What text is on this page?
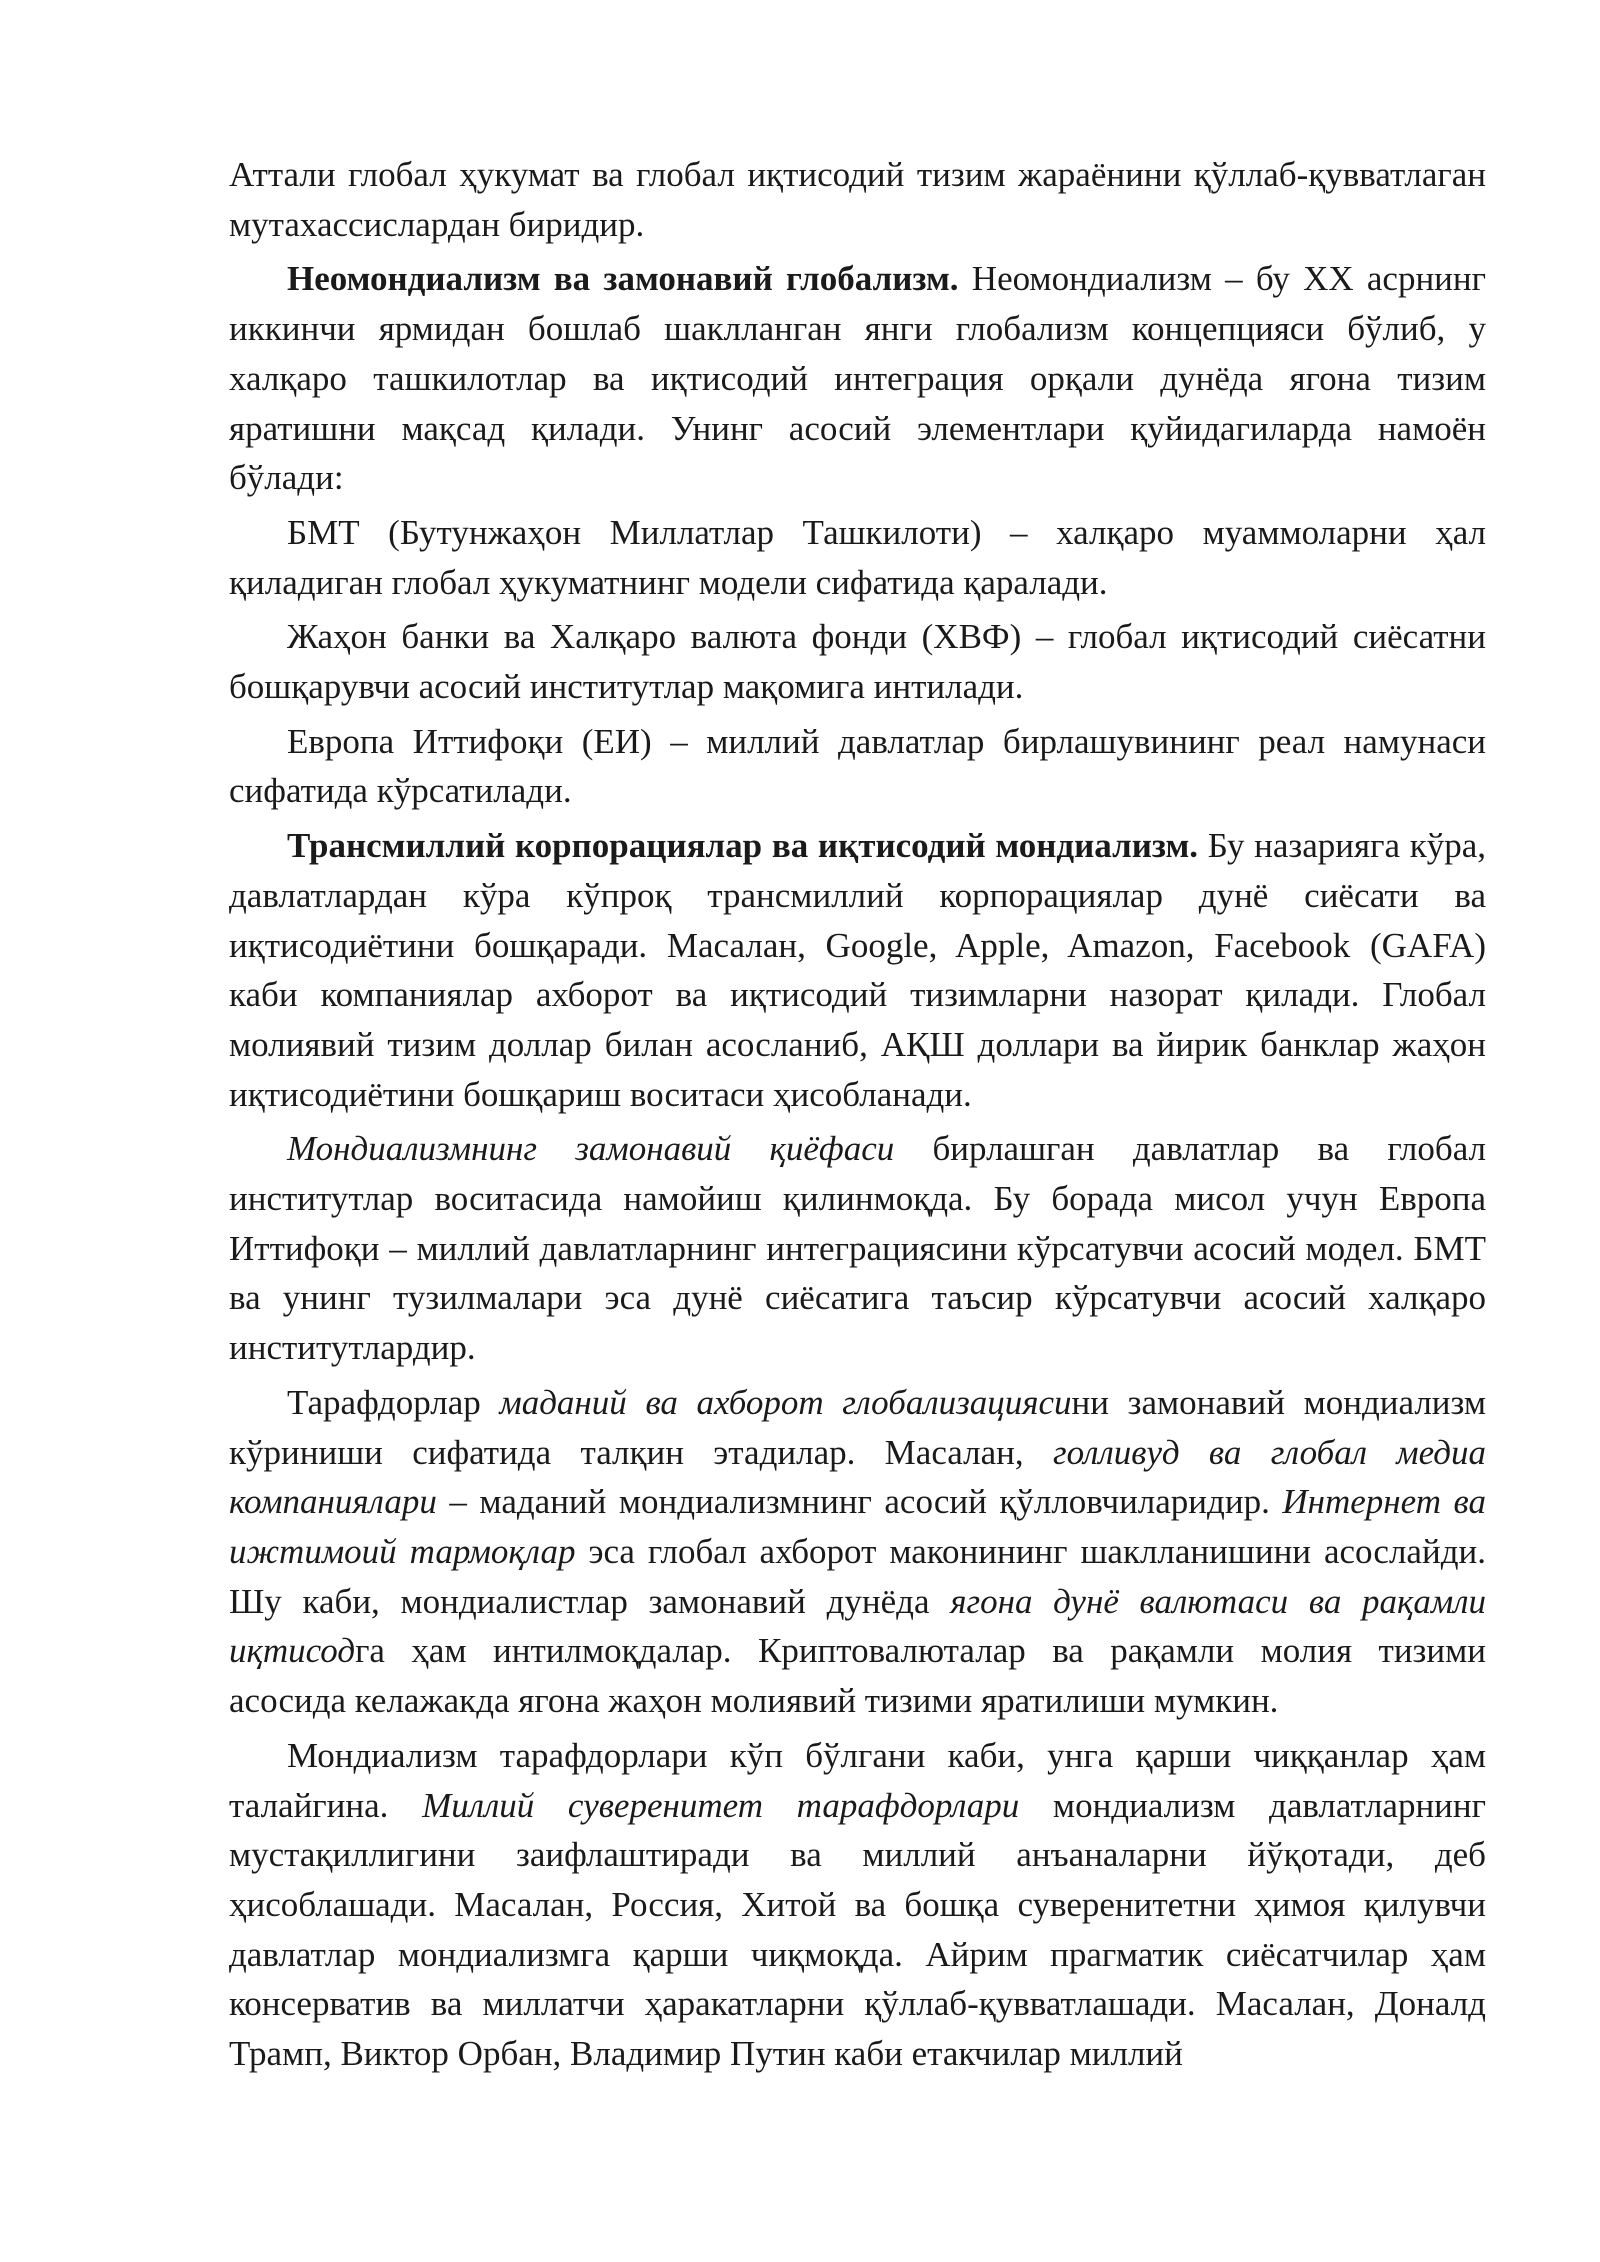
Аттали глобал ҳукумат ва глобал иқтисодий тизим жараёнини қўллаб-қувватлаган мутахассислардан биридир.

Неомондиализм ва замонавий глобализм. Неомондиализм – бу XX асрнинг иккинчи ярмидан бошлаб шаклланган янги глобализм концепцияси бўлиб, у халқаро ташкилотлар ва иқтисодий интеграция орқали дунёда ягона тизим яратишни мақсад қилади. Унинг асосий элементлари қуйидагиларда намоён бўлади:

БМТ (Бутунжаҳон Миллатлар Ташкилоти) – халқаро муаммоларни ҳал қиладиган глобал ҳукуматнинг модели сифатида қаралади.

Жаҳон банки ва Халқаро валюта фонди (ХВФ) – глобал иқтисодий сиёсатни бошқарувчи асосий институтлар мақомига интилади.

Европа Иттифоқи (ЕИ) – миллий давлатлар бирлашувининг реал намунаси сифатида кўрсатилади.

Трансмиллий корпорациялар ва иқтисодий мондиализм. Бу назарияга кўра, давлатлардан кўра кўпроқ трансмиллий корпорациялар дунё сиёсати ва иқтисодиётини бошқаради. Масалан, Google, Apple, Amazon, Facebook (GAFA) каби компаниялар ахборот ва иқтисодий тизимларни назорат қилади. Глобал молиявий тизим доллар билан асосланиб, АҚШ доллари ва йирик банклар жаҳон иқтисодиётини бошқариш воситаси ҳисобланади.

Мондиализмнинг замонавий қиёфаси бирлашган давлатлар ва глобал институтлар воситасида намойиш қилинмоқда. Бу борада мисол учун Европа Иттифоқи – миллий давлатларнинг интеграциясини кўрсатувчи асосий модел. БМТ ва унинг тузилмалари эса дунё сиёсатига таъсир кўрсатувчи асосий халқаро институтлардир.

Тарафдорлар маданий ва ахборот глобализациясини замонавий мондиализм кўриниши сифатида талқин этадилар. Масалан, голливуд ва глобал медиа компаниялари – маданий мондиализмнинг асосий қўлловчиларидир. Интернет ва ижтимоий тармоқлар эса глобал ахборот маконининг шаклланишини асослайди. Шу каби, мондиалистлар замонавий дунёда ягона дунё валютаси ва рақамли иқтисодга ҳам интилмоқдалар. Криптовалюталар ва рақамли молия тизими асосида келажакда ягона жаҳон молиявий тизими яратилиши мумкин.

Мондиализм тарафдорлари кўп бўлгани каби, унга қарши чиққанлар ҳам талайгина. Миллий суверенитет тарафдорлари мондиализм давлатларнинг мустақиллигини заифлаштиради ва миллий анъаналарни йўқотади, деб ҳисоблашади. Масалан, Россия, Хитой ва бошқа суверенитетни ҳимоя қилувчи давлатлар мондиализмга қарши чиқмоқда. Айрим прагматик сиёсатчилар ҳам консерватив ва миллатчи ҳаракатларни қўллаб-қувватлашади. Масалан, Доналд Трамп, Виктор Орбан, Владимир Путин каби етакчилар миллий
